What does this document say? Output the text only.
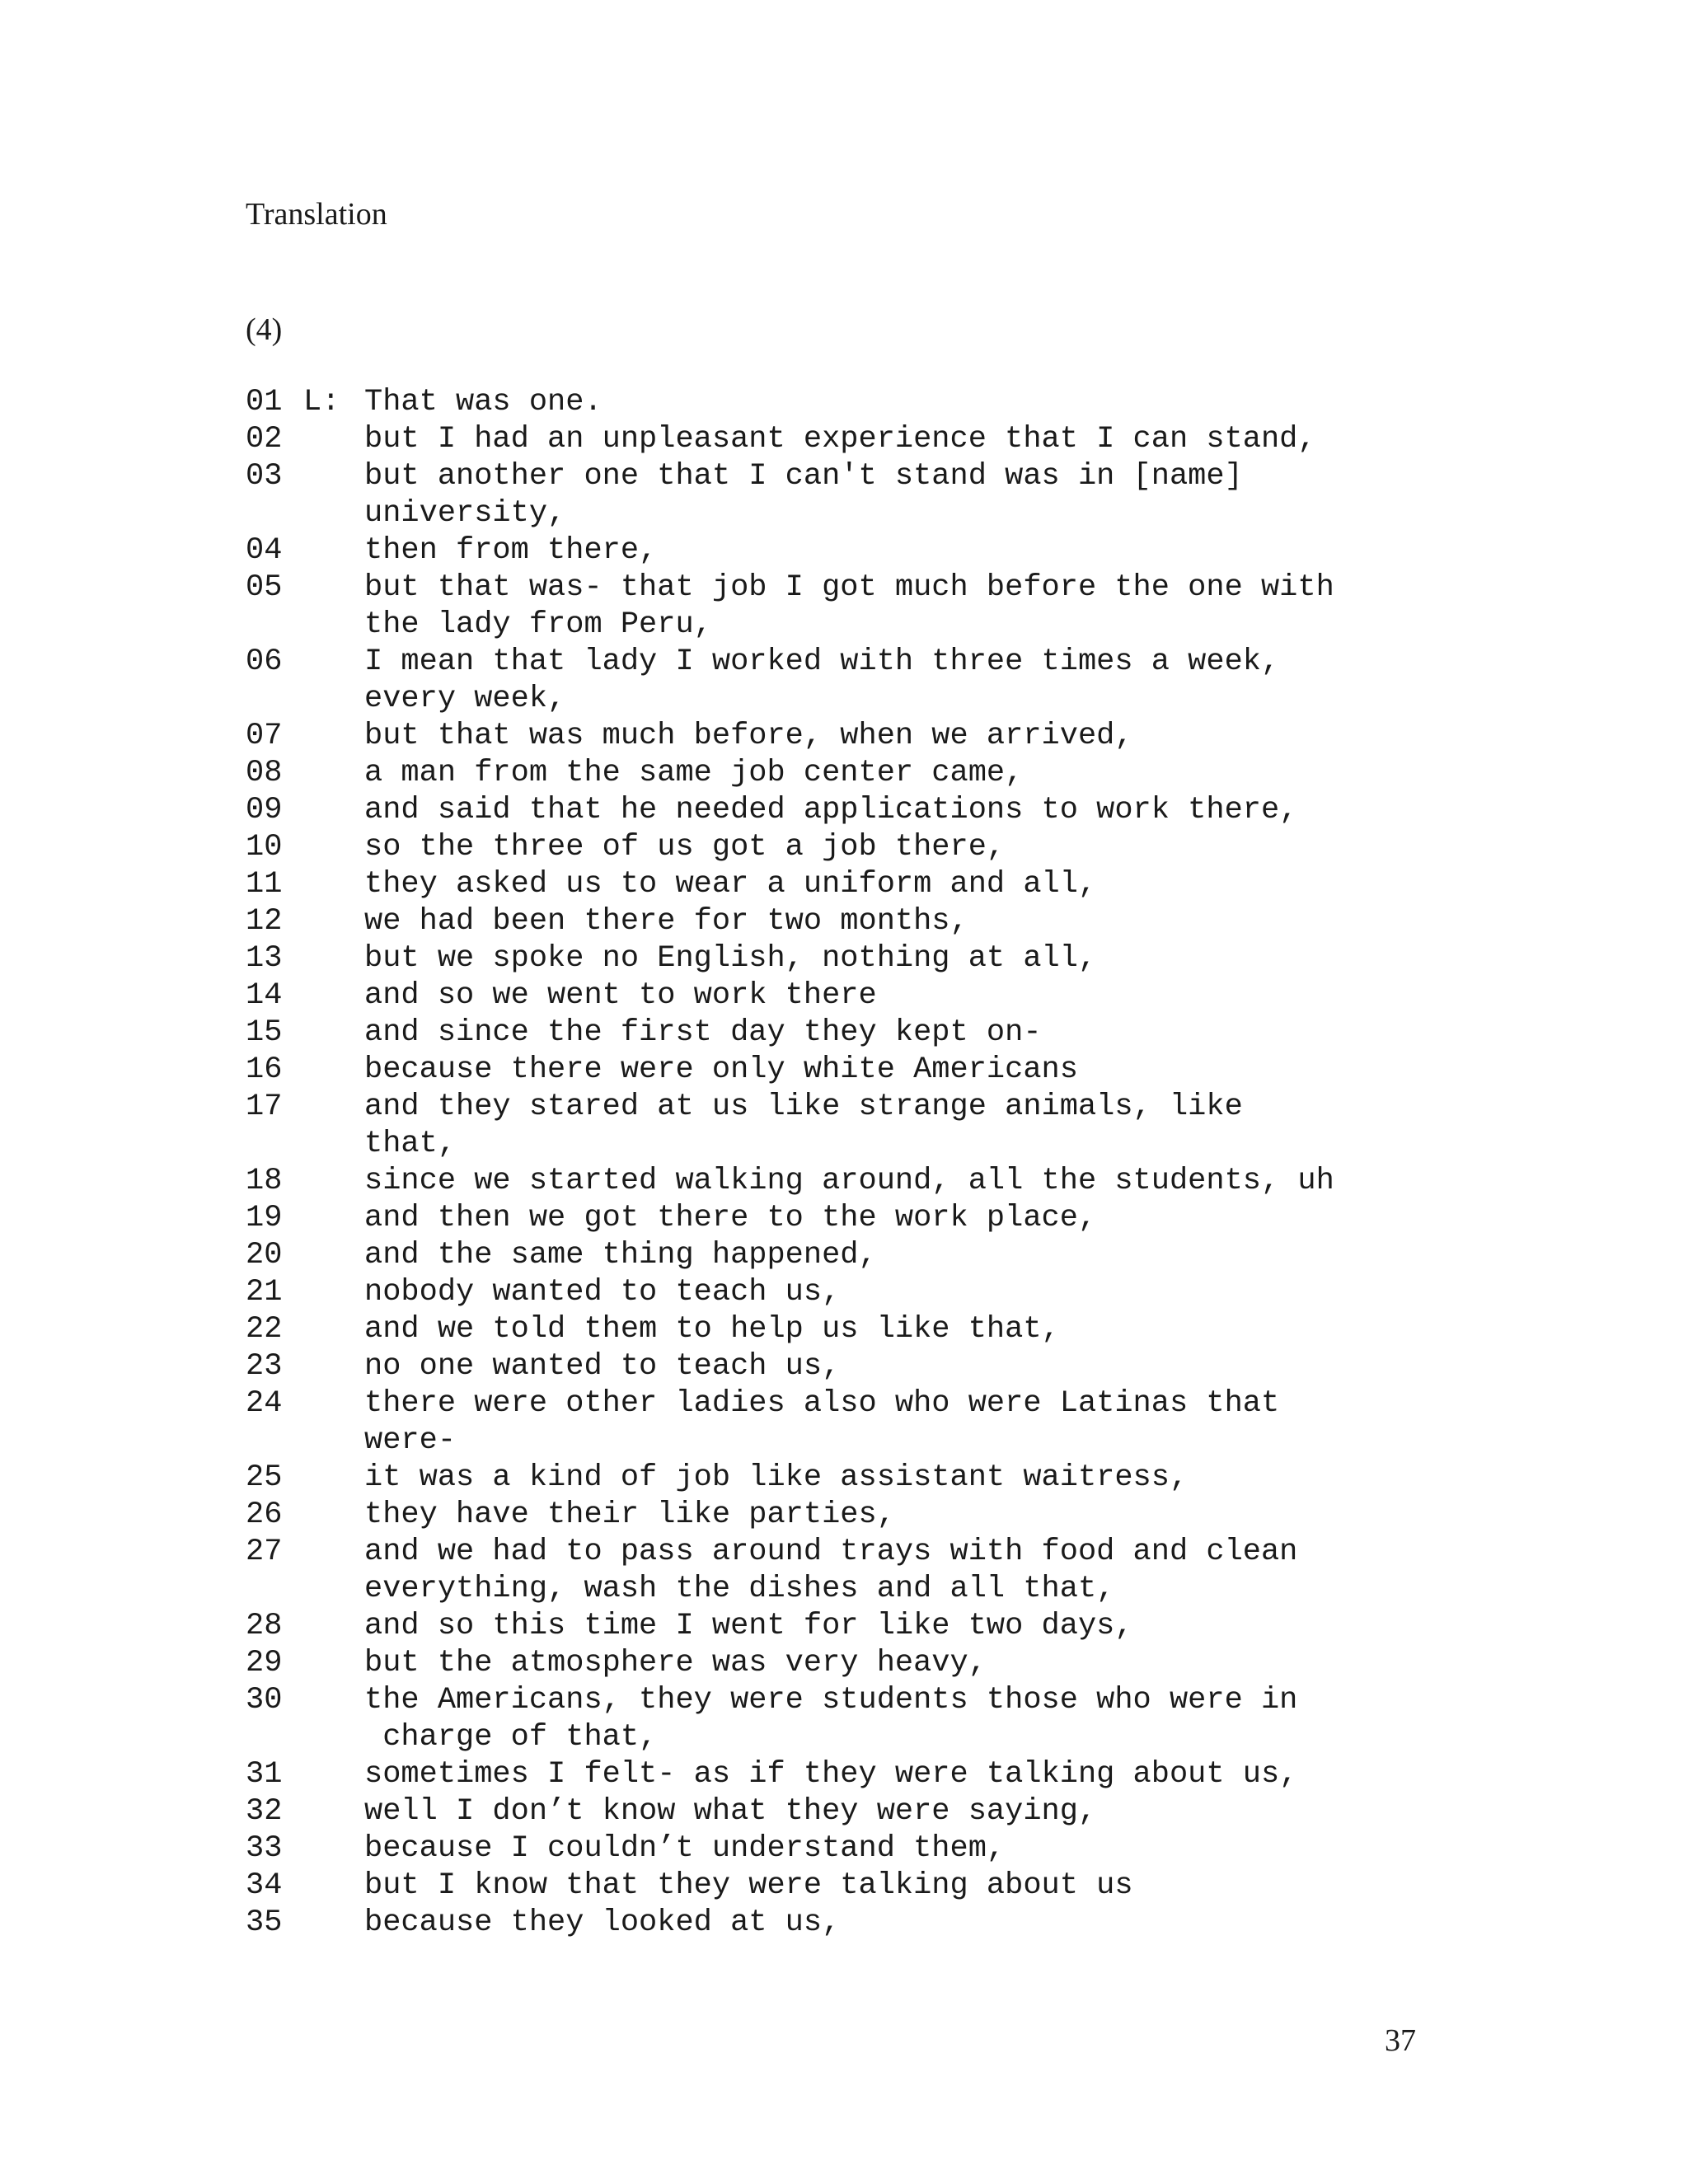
Translation
(4)
01 L: That was one.
02	but I had an unpleasant experience that I can stand,
03	but another one that I can't stand was in [name]
university,
04	then from there,
05	but that was- that job I got much before the one with
the lady from Peru,
06	I mean that lady I worked with three times a week,
every week,
07	but that was much before, when we arrived,
08	a man from the same job center came,
09	and said that he needed applications to work there,
10	so the three of us got a job there,
11	they asked us to wear a uniform and all,
12	we had been there for two months,
13	but we spoke no English, nothing at all,
14	and so we went to work there
15	and since the first day they kept on-
16	because there were only white Americans
17	and they stared at us like strange animals, like
that,
18	since we started walking around, all the students, uh
19	and then we got there to the work place,
20	and the same thing happened,
21	nobody wanted to teach us,
22	and we told them to help us like that,
23	no one wanted to teach us,
24	there were other ladies also who were Latinas that
were-
25	it was a kind of job like assistant waitress,
26	they have their like parties,
27	and we had to pass around trays with food and clean
everything, wash the dishes and all that,
28	and so this time I went for like two days,
29	but the atmosphere was very heavy,
30	the Americans, they were students those who were in
charge of that,
31	sometimes I felt- as if they were talking about us,
32	well I don’t know what they were saying,
33	because I couldn’t understand them,
34	but I know that they were talking about us
35	because they looked at us,
37
